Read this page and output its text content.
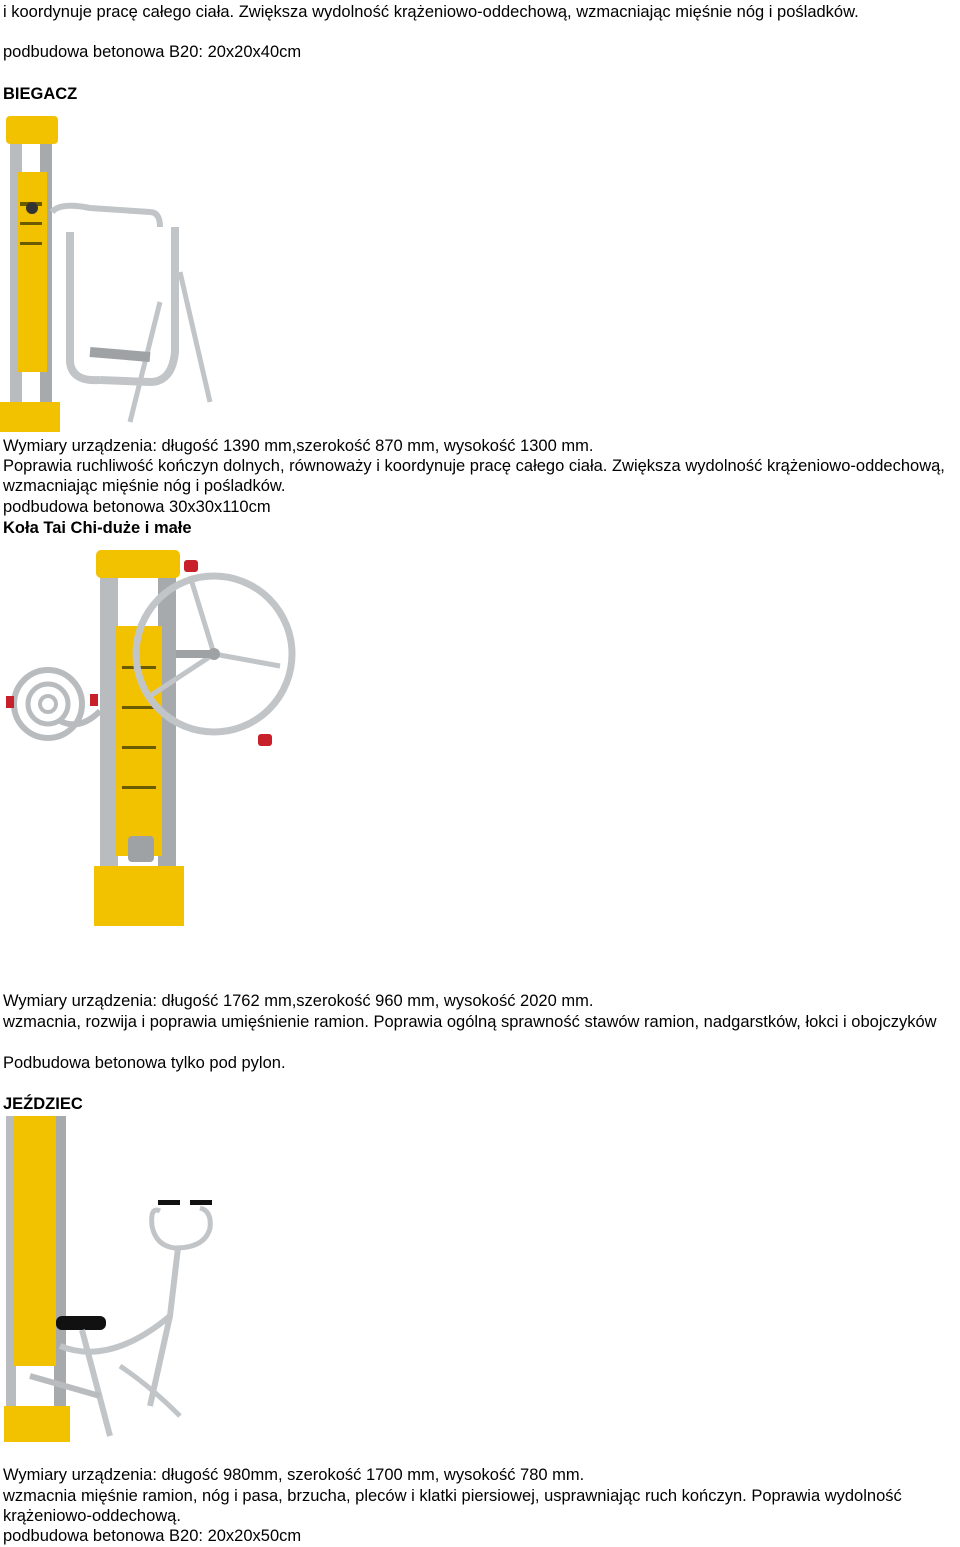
i koordynuje pracę całego ciała. Zwiększa wydolność krążeniowo-oddechową, wzmacniając mięśnie nóg i pośladków.
podbudowa betonowa B20: 20x20x40cm
BIEGACZ
Wymiary urządzenia: długość 1390 mm,szerokość 870 mm, wysokość 1300 mm.
Poprawia ruchliwość kończyn dolnych, równoważy i koordynuje pracę całego ciała. Zwiększa wydolność krążeniowo-oddechową, wzmacniając mięśnie nóg i pośladków.
podbudowa betonowa 30x30x110cm
Koła Tai Chi-duże i małe
Wymiary urządzenia: długość 1762 mm,szerokość 960 mm, wysokość 2020 mm.
wzmacnia, rozwija i poprawia umięśnienie ramion. Poprawia ogólną sprawność stawów ramion, nadgarstków, łokci i obojczyków
Podbudowa betonowa tylko pod pylon.
JEŹDZIEC
Wymiary urządzenia: długość 980mm, szerokość 1700 mm, wysokość 780 mm.
wzmacnia mięśnie ramion, nóg i pasa, brzucha, pleców i klatki piersiowej, usprawniając ruch kończyn. Poprawia wydolność krążeniowo-oddechową.
podbudowa betonowa B20: 20x20x50cm
